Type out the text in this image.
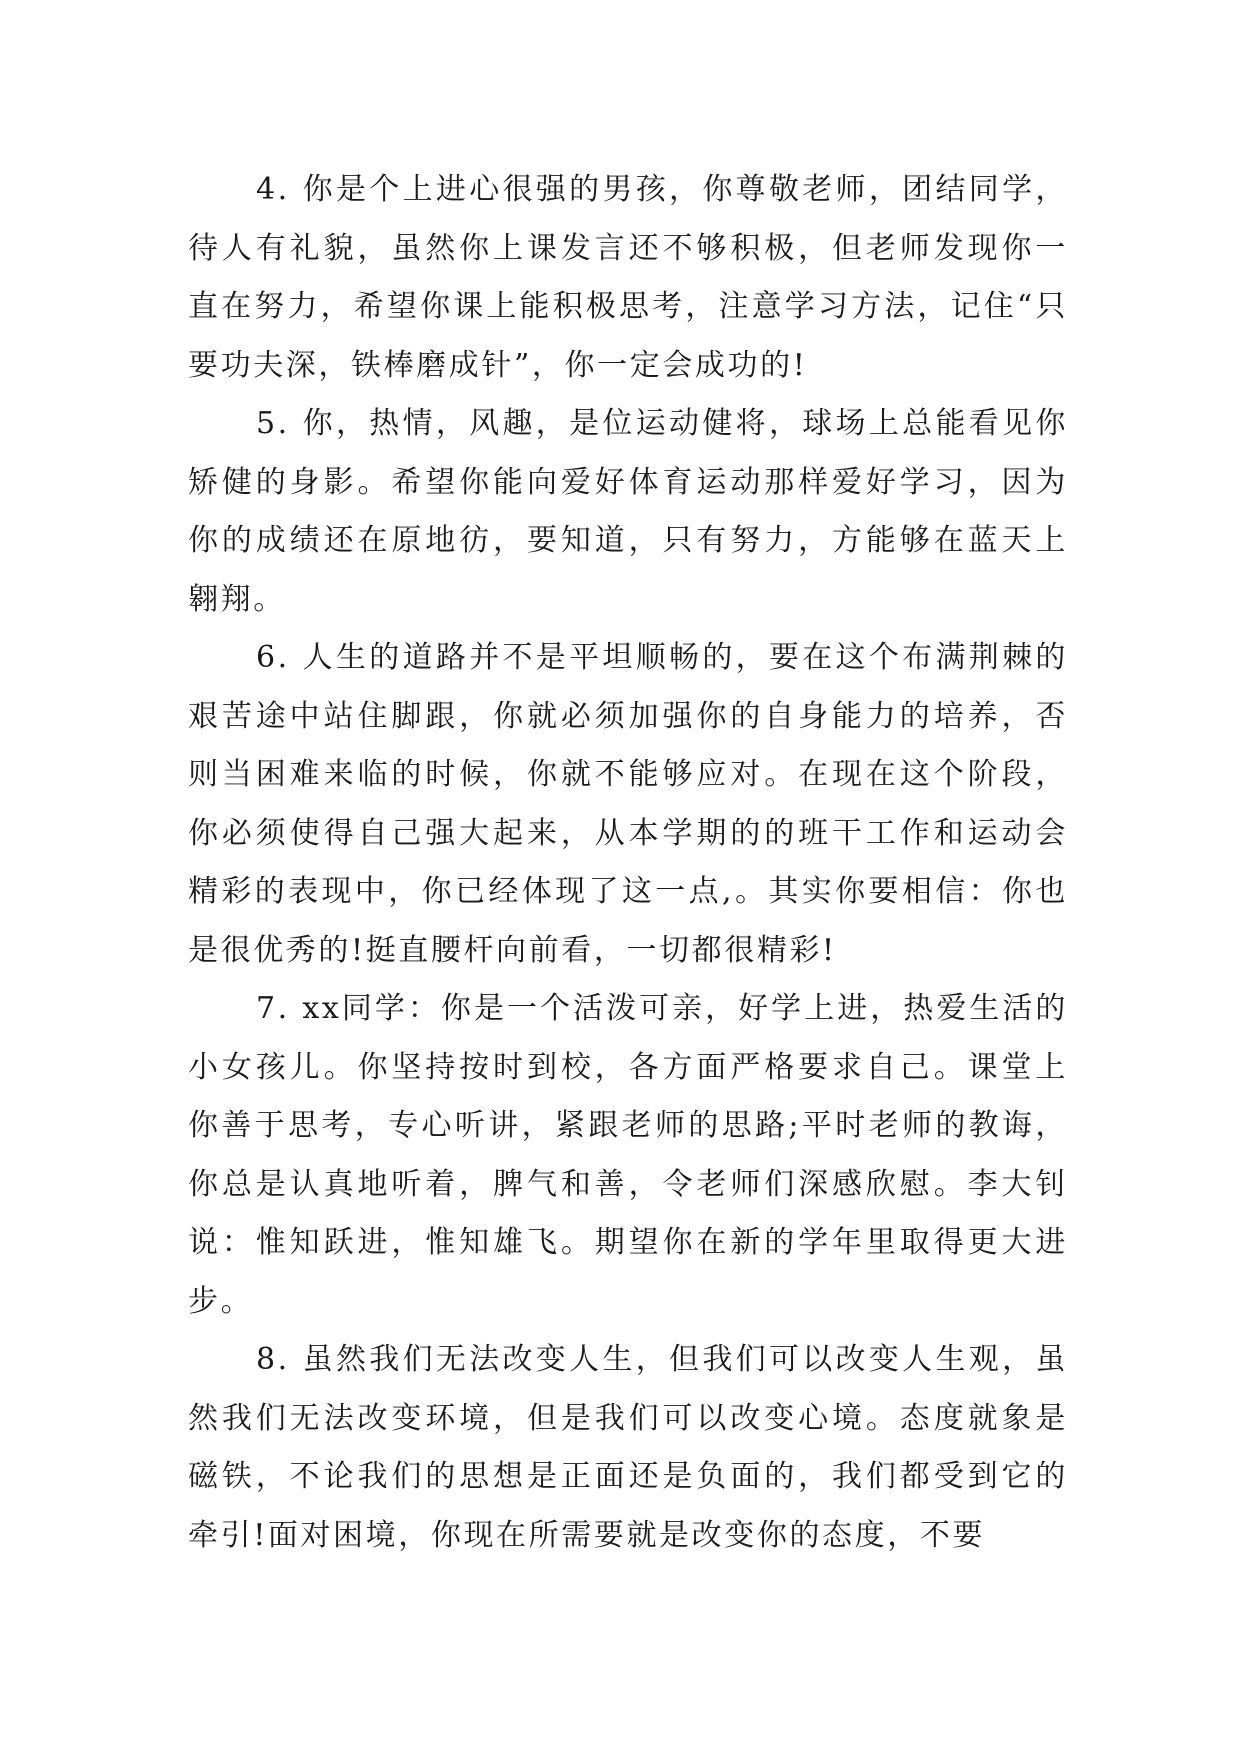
4. 你是个上进心很强的男孩，你尊敬老师，团结同学，待人有礼貌，虽然你上课发言还不够积极，但老师发现你一直在努力，希望你课上能积极思考，注意学习方法，记住“只要功夫深，铁棒磨成针”，你一定会成功的!

5. 你，热情，风趣，是位运动健将，球场上总能看见你矫健的身影。希望你能向爱好体育运动那样爱好学习，因为你的成绩还在原地彷，要知道，只有努力，方能够在蓝天上翱翔。

6. 人生的道路并不是平坦顺畅的，要在这个布满荆棘的艰苦途中站住脚跟，你就必须加强你的自身能力的培养，否则当困难来临的时候，你就不能够应对。在现在这个阶段，你必须使得自己强大起来，从本学期的的班干工作和运动会精彩的表现中，你已经体现了这一点,。其实你要相信：你也是很优秀的!挺直腰杆向前看，一切都很精彩!

7. xx同学：你是一个活泼可亲，好学上进，热爱生活的小女孩儿。你坚持按时到校，各方面严格要求自己。课堂上你善于思考，专心听讲，紧跟老师的思路;平时老师的教诲，你总是认真地听着，脾气和善，令老师们深感欣慰。李大钊说：惟知跃进，惟知雄飞。期望你在新的学年里取得更大进步。

8. 虽然我们无法改变人生，但我们可以改变人生观，虽然我们无法改变环境，但是我们可以改变心境。态度就象是磁铁，不论我们的思想是正面还是负面的，我们都受到它的牵引!面对困境，你现在所需要就是改变你的态度，不要
